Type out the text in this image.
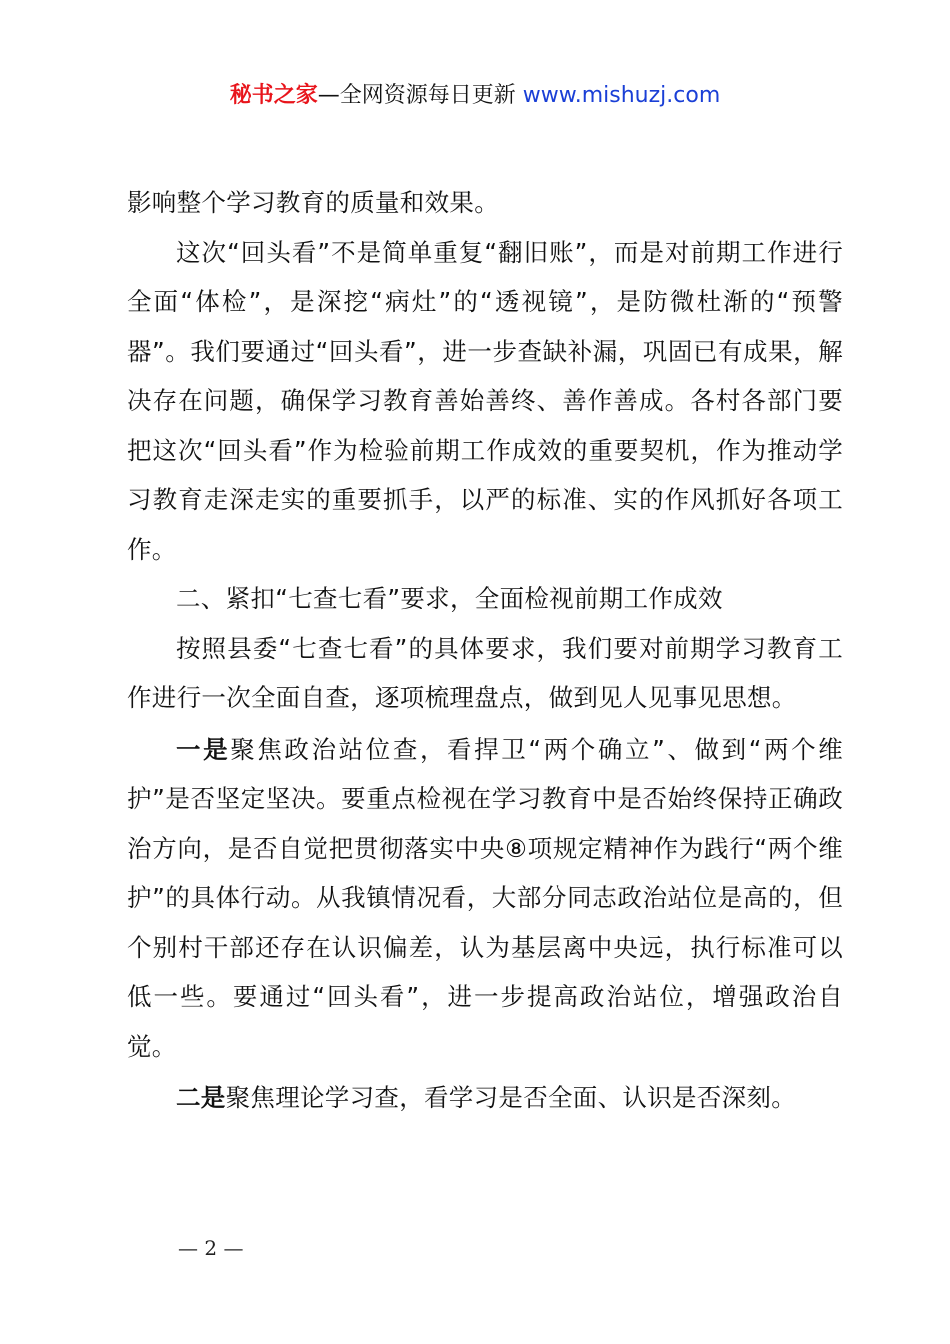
秘书之家—全网资源每日更新 www.mishuzj.com

影响整个学习教育的质量和效果。

这次“回头看”不是简单重复“翻旧账”，而是对前期工作进行全面“体检”，是深挖“病灶”的“透视镜”，是防微杜渐的“预警器”。我们要通过“回头看”，进一步查缺补漏，巩固已有成果，解决存在问题，确保学习教育善始善终、善作善成。各村各部门要把这次“回头看”作为检验前期工作成效的重要契机，作为推动学习教育走深走实的重要抓手，以严的标准、实的作风抓好各项工作。

二、紧扣“七查七看”要求，全面检视前期工作成效

按照县委“七查七看”的具体要求，我们要对前期学习教育工作进行一次全面自查，逐项梳理盘点，做到见人见事见思想。

一是聚焦政治站位查，看捍卫“两个确立”、做到“两个维护”是否坚定坚决。要重点检视在学习教育中是否始终保持正确政治方向，是否自觉把贯彻落实中央⑧项规定精神作为践行“两个维护”的具体行动。从我镇情况看，大部分同志政治站位是高的，但个别村干部还存在认识偏差，认为基层离中央远，执行标准可以低一些。要通过“回头看”，进一步提高政治站位，增强政治自觉。

二是聚焦理论学习查，看学习是否全面、认识是否深刻。

— 2 —
